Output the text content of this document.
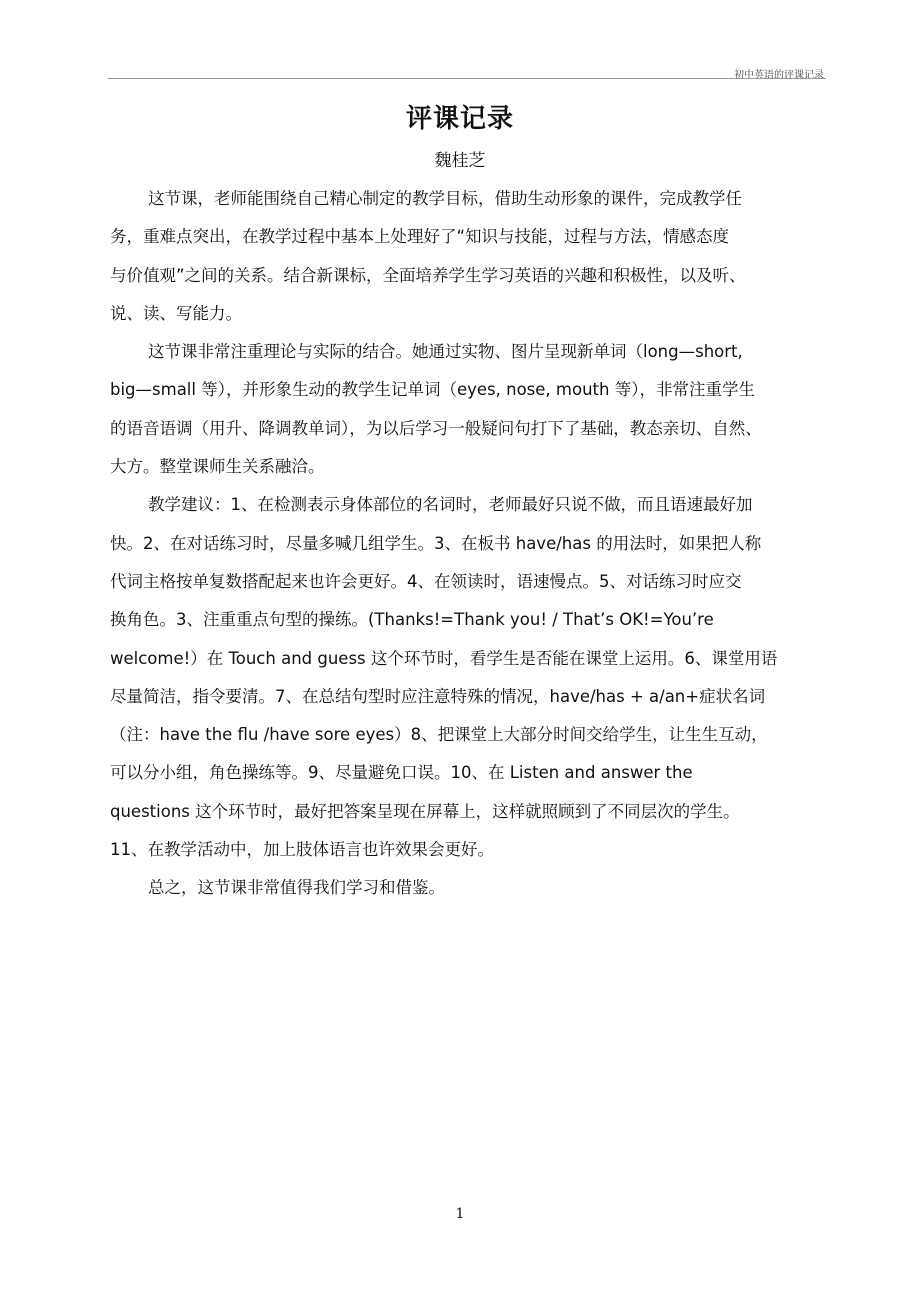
初中英语的评课记录
评课记录
魏桂芝
这节课，老师能围绕自己精心制定的教学目标，借助生动形象的课件，完成教学任
务，重难点突出，在教学过程中基本上处理好了“知识与技能，过程与方法，情感态度
与价值观”之间的关系。结合新课标，全面培养学生学习英语的兴趣和积极性，以及听、
说、读、写能力。
这节课非常注重理论与实际的结合。她通过实物、图片呈现新单词（long—short,
big—small 等），并形象生动的教学生记单词（eyes, nose, mouth 等），非常注重学生
的语音语调（用升、降调教单词），为以后学习一般疑问句打下了基础，教态亲切、自然、
大方。整堂课师生关系融洽。
教学建议：1、在检测表示身体部位的名词时，老师最好只说不做，而且语速最好加
快。2、在对话练习时，尽量多喊几组学生。3、在板书 have/has 的用法时，如果把人称
代词主格按单复数搭配起来也许会更好。4、在领读时，语速慢点。5、对话练习时应交
换角色。3、注重重点句型的操练。(Thanks!=Thank you! / That’s OK!=You’re
welcome!）在 Touch and guess 这个环节时，看学生是否能在课堂上运用。6、课堂用语
尽量简洁，指令要清。7、在总结句型时应注意特殊的情况，have/has + a/an+症状名词
（注：have the flu /have sore eyes）8、把课堂上大部分时间交给学生，让生生互动，
可以分小组，角色操练等。9、尽量避免口误。10、在 Listen and answer the
questions 这个环节时，最好把答案呈现在屏幕上，这样就照顾到了不同层次的学生。
11、在教学活动中，加上肢体语言也许效果会更好。
总之，这节课非常值得我们学习和借鉴。
1
